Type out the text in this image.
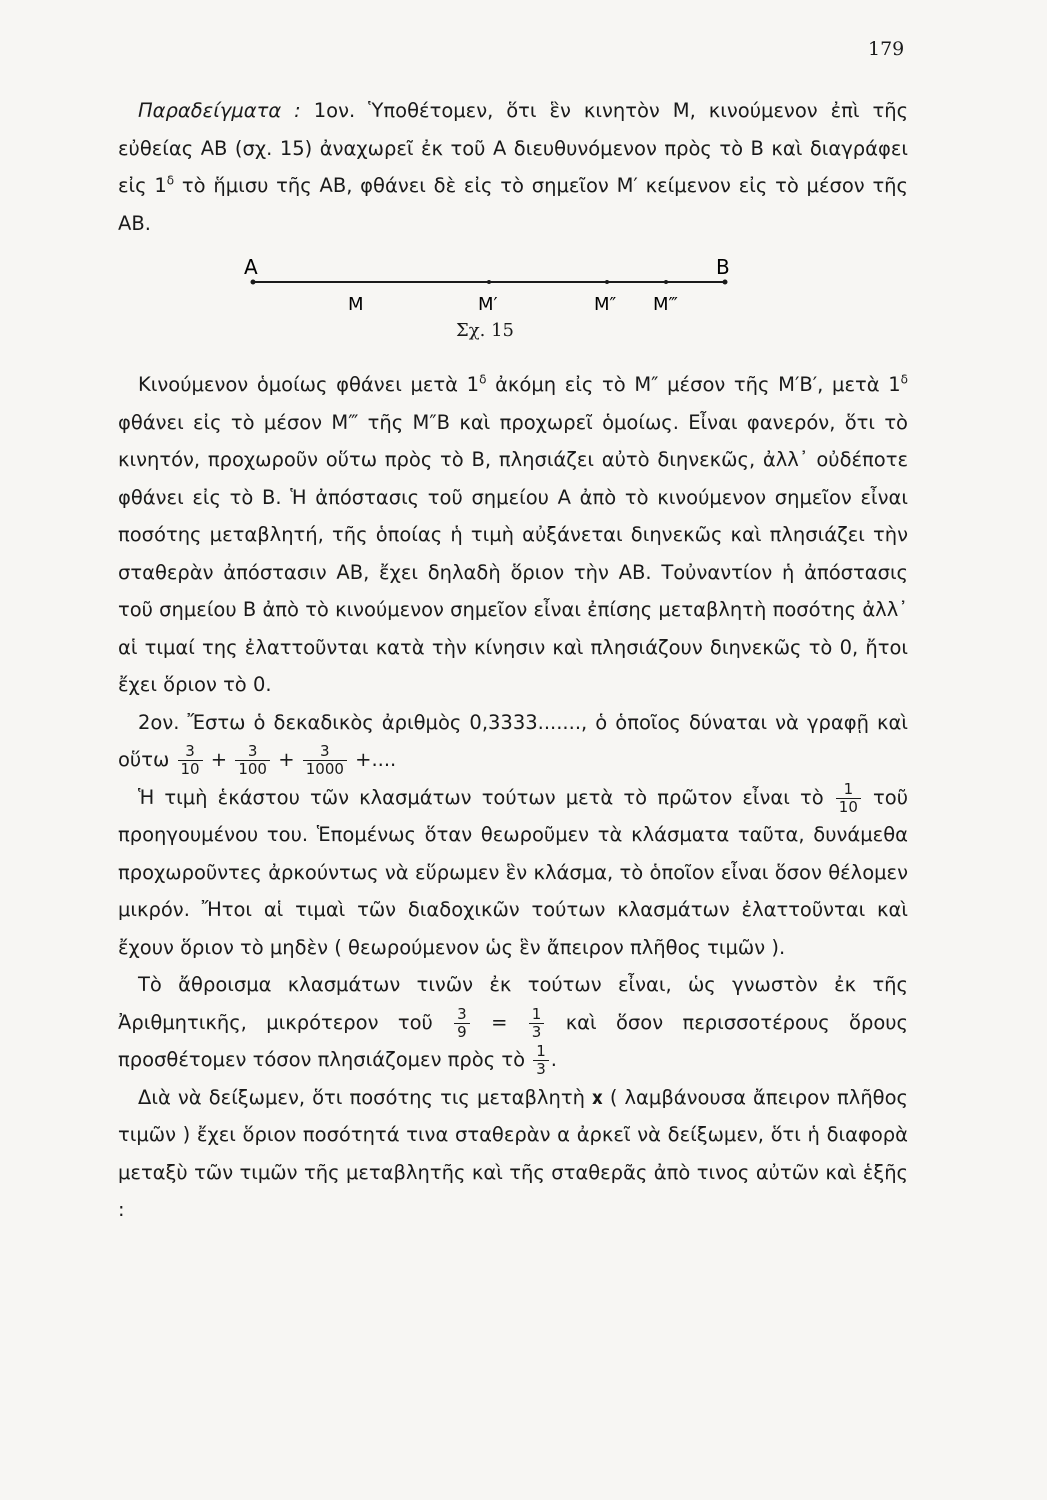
179

Παραδείγματα : 1ον. Ὑποθέτομεν, ὅτι ἓν κινητὸν Μ, κινούμενον ἐπὶ τῆς εὐθείας ΑΒ (σχ. 15) ἀναχωρεῖ ἐκ τοῦ Α διευθυνόμενον πρὸς τὸ Β καὶ διαγράφει εἰς $1^\delta$ τὸ ἥμισυ τῆς ΑΒ, φθάνει δὲ εἰς τὸ σημεῖον Μ′ κείμενον εἰς τὸ μέσον τῆς ΑΒ.

Α	Β
Μ	Μ′	Μ″ Μ‴
Σχ. 15

Κινούμενον ὁμοίως φθάνει μετὰ $1^\delta$ ἀκόμη εἰς τὸ Μ″ μέσον τῆς Μ′Β′, μετὰ $1^\delta$ φθάνει εἰς τὸ μέσον Μ‴ τῆς Μ″Β καὶ προχωρεῖ ὁμοίως. Εἶναι φανερόν, ὅτι τὸ κινητόν, προχωροῦν οὕτω πρὸς τὸ Β, πλησιάζει αὐτὸ διηνεκῶς, ἀλλ᾽ οὐδέποτε φθάνει εἰς τὸ Β. Ἡ ἀπόστασις τοῦ σημείου Α ἀπὸ τὸ κινούμενον σημεῖον εἶναι ποσότης μεταβλητή, τῆς ὁποίας ἡ τιμὴ αὐξάνεται διηνεκῶς καὶ πλησιάζει τὴν σταθερὰν ἀπόστασιν ΑΒ, ἔχει δηλαδὴ ὅριον τὴν ΑΒ. Τοὐναντίον ἡ ἀπόστασις τοῦ σημείου Β ἀπὸ τὸ κινούμενον σημεῖον εἶναι ἐπίσης μεταβλητὴ ποσότης ἀλλ᾽ αἱ τιμαί της ἐλαττοῦνται κατὰ τὴν κίνησιν καὶ πλησιάζουν διηνεκῶς τὸ 0, ἤτοι ἔχει ὅριον τὸ 0.

2ον. Ἔστω ὁ δεκαδικὸς ἀριθμὸς 0,3333......., ὁ ὁποῖος δύναται νὰ γραφῇ καὶ οὕτω $\frac{3}{10} + \frac{3}{100} + \frac{3}{1000}$ +....

Ἡ τιμὴ ἑκάστου τῶν κλασμάτων τούτων μετὰ τὸ πρῶτον εἶναι τὸ $\frac{1}{10}$ τοῦ προηγουμένου του. Ἑπομένως ὅταν θεωροῦμεν τὰ κλάσματα ταῦτα, δυνάμεθα προχωροῦντες ἀρκούντως νὰ εὕρωμεν ἓν κλάσμα, τὸ ὁποῖον εἶναι ὅσον θέλομεν μικρόν. Ἤτοι αἱ τιμαὶ τῶν διαδοχικῶν τούτων κλασμάτων ἐλαττοῦνται καὶ ἔχουν ὅριον τὸ μηδὲν ( θεωρούμενον ὡς ἓν ἄπειρον πλῆθος τιμῶν ).

Τὸ ἄθροισμα κλασμάτων τινῶν ἐκ τούτων εἶναι, ὡς γνωστὸν ἐκ τῆς Ἀριθμητικῆς, μικρότερον τοῦ $\frac{3}{9} = \frac{1}{3}$ καὶ ὅσον περισσοτέρους ὅρους προσθέτομεν τόσον πλησιάζομεν πρὸς τὸ $\frac{1}{3}$ .

Διὰ νὰ δείξωμεν, ὅτι ποσότης τις μεταβλητὴ 𝐱 ( λαμβάνουσα ἄπειρον πλῆθος τιμῶν ) ἔχει ὅριον ποσότητά τινα σταθερὰν α ἀρκεῖ νὰ δείξωμεν, ὅτι ἡ διαφορὰ μεταξὺ τῶν τιμῶν τῆς μεταβλητῆς καὶ τῆς σταθερᾶς ἀπὸ τινος αὐτῶν καὶ ἑξῆς :
